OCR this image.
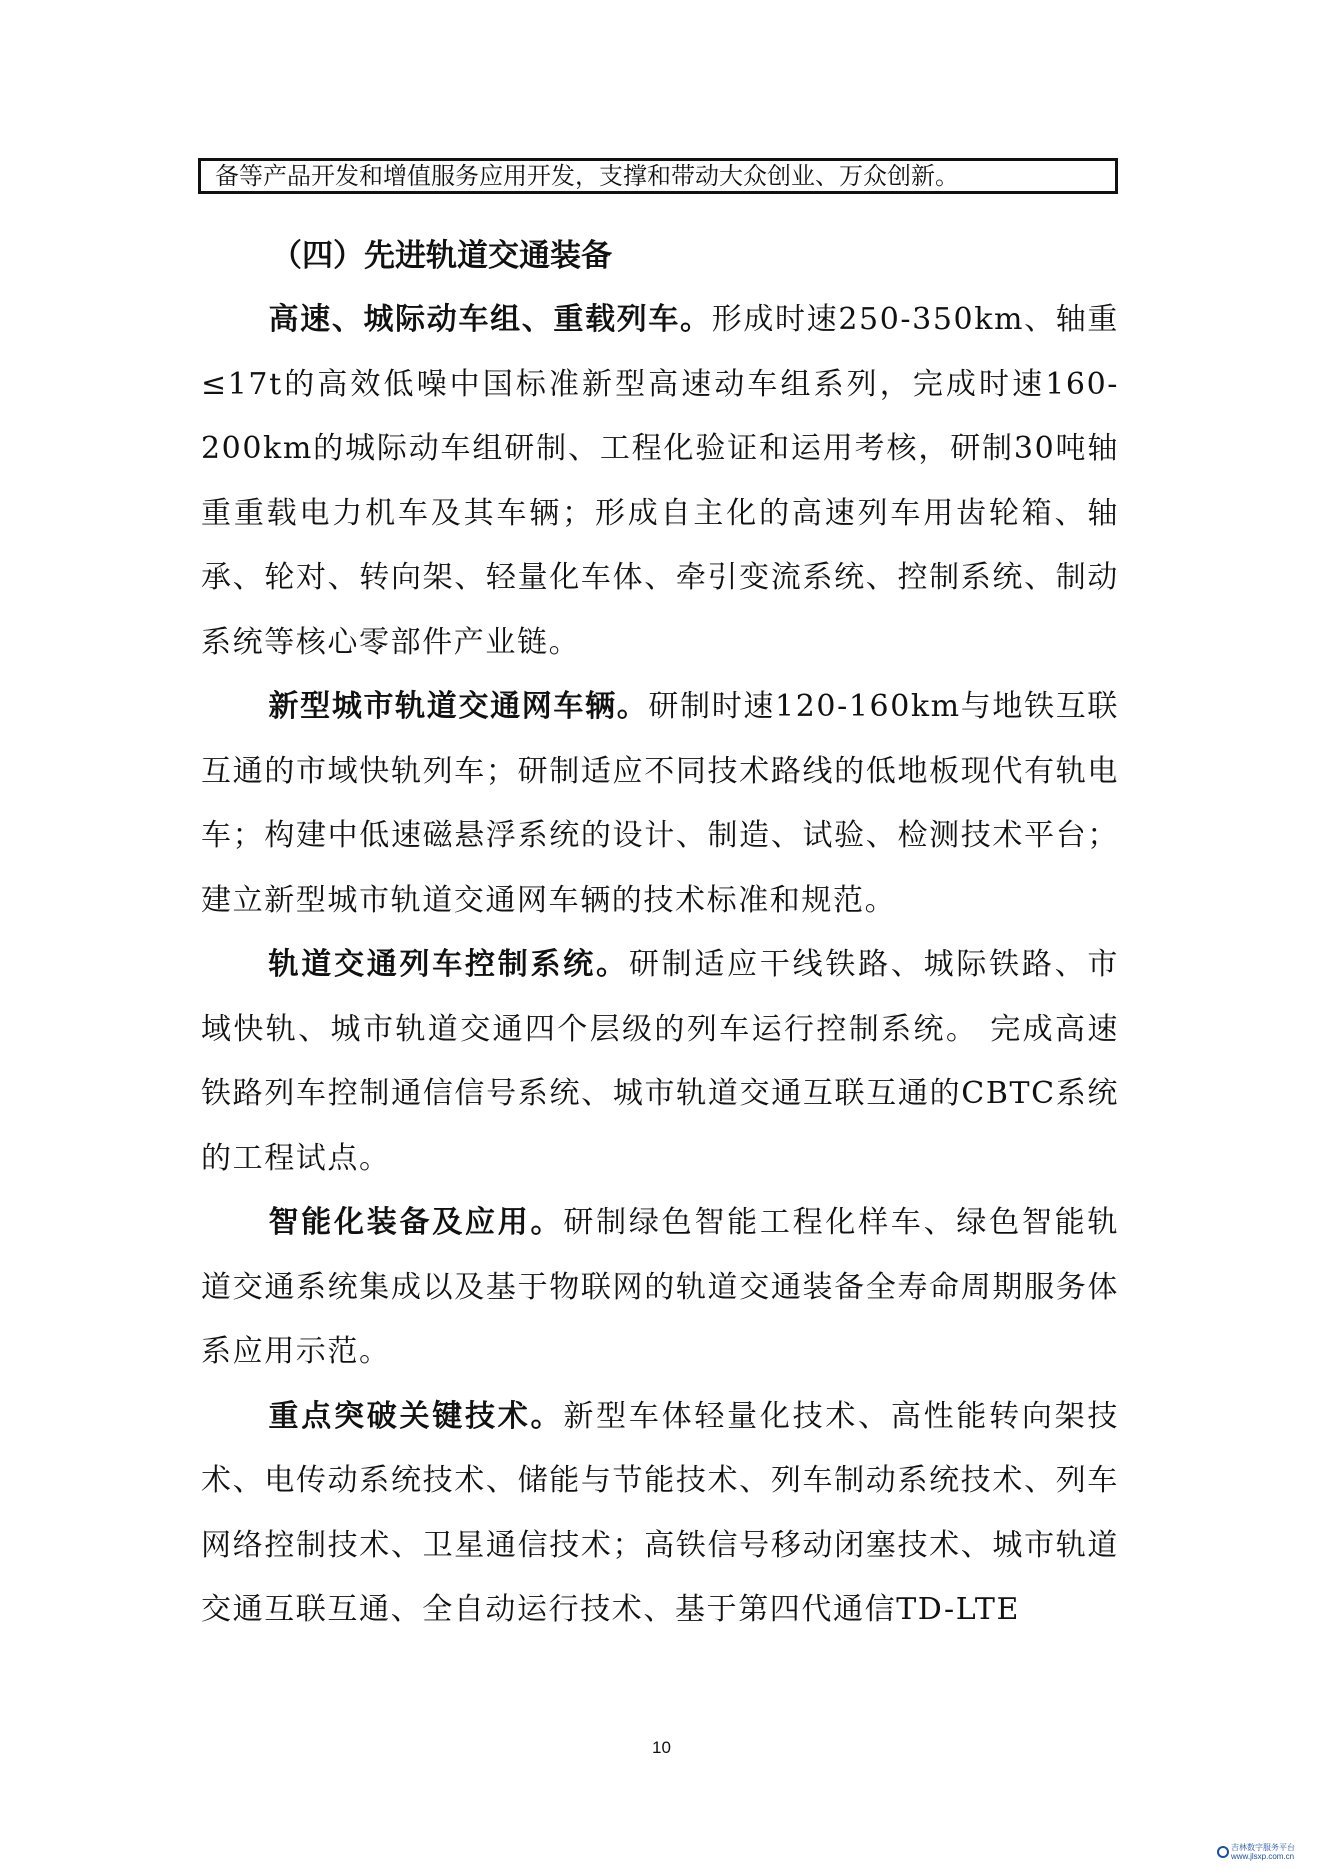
备等产品开发和增值服务应用开发，支撑和带动大众创业、万众创新。

（四）先进轨道交通装备

高速、城际动车组、重载列车。形成时速250-350km、轴重≤17t的高效低噪中国标准新型高速动车组系列，完成时速160-200km的城际动车组研制、工程化验证和运用考核，研制30吨轴重重载电力机车及其车辆；形成自主化的高速列车用齿轮箱、轴承、轮对、转向架、轻量化车体、牵引变流系统、控制系统、制动系统等核心零部件产业链。

新型城市轨道交通网车辆。研制时速120-160km与地铁互联互通的市域快轨列车；研制适应不同技术路线的低地板现代有轨电车；构建中低速磁悬浮系统的设计、制造、试验、检测技术平台；建立新型城市轨道交通网车辆的技术标准和规范。

轨道交通列车控制系统。研制适应干线铁路、城际铁路、市域快轨、城市轨道交通四个层级的列车运行控制系统。 完成高速铁路列车控制通信信号系统、城市轨道交通互联互通的CBTC系统的工程试点。

智能化装备及应用。研制绿色智能工程化样车、绿色智能轨道交通系统集成以及基于物联网的轨道交通装备全寿命周期服务体系应用示范。

重点突破关键技术。新型车体轻量化技术、高性能转向架技术、电传动系统技术、储能与节能技术、列车制动系统技术、列车网络控制技术、卫星通信技术；高铁信号移动闭塞技术、城市轨道交通互联互通、全自动运行技术、基于第四代通信TD-LTE

10
吉林数字服务平台
www.jlsxp.com.cn
